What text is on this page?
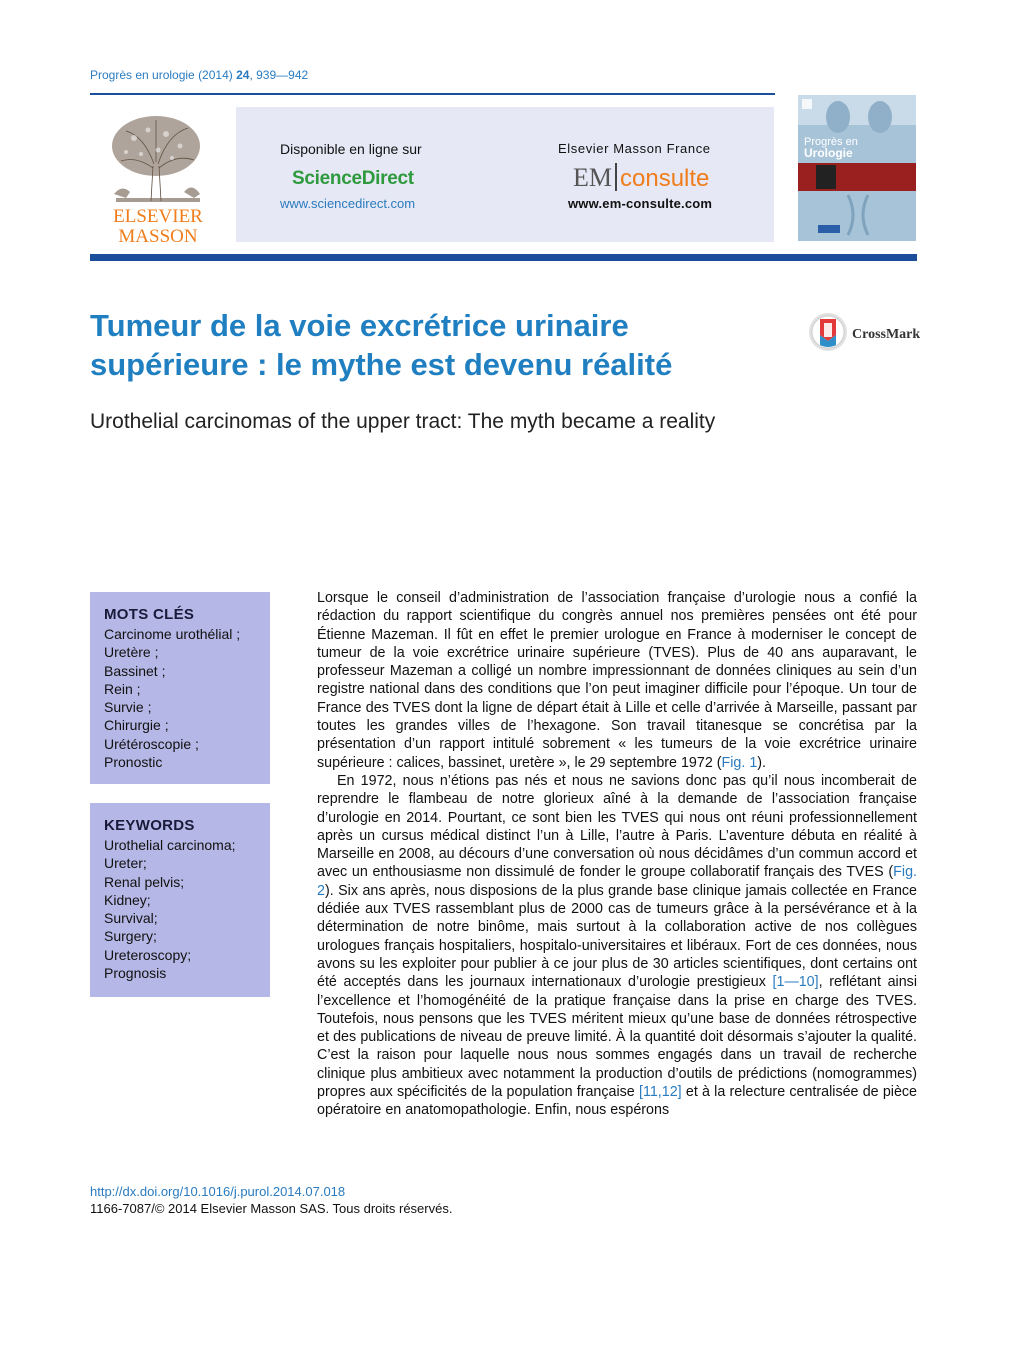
Progrès en urologie (2014) 24, 939—942
ELSEVIER
MASSON
Disponible en ligne sur
ScienceDirect
www.sciencedirect.com
Elsevier Masson France
EM consulte
www.em-consulte.com
Progrès en
Urologie
Tumeur de la voie excrétrice urinaire supérieure : le mythe est devenu réalité
CrossMark
Urothelial carcinomas of the upper tract: The myth became a reality
MOTS CLÉS
Carcinome urothélial ;
Uretère ;
Bassinet ;
Rein ;
Survie ;
Chirurgie ;
Urétéroscopie ;
Pronostic
KEYWORDS
Urothelial carcinoma;
Ureter;
Renal pelvis;
Kidney;
Survival;
Surgery;
Ureteroscopy;
Prognosis

Lorsque le conseil d’administration de l’association française d’urologie nous a confié la rédaction du rapport scientifique du congrès annuel nos premières pensées ont été pour Étienne Mazeman. Il fût en effet le premier urologue en France à moderniser le concept de tumeur de la voie excrétrice urinaire supérieure (TVES). Plus de 40 ans auparavant, le professeur Mazeman a colligé un nombre impressionnant de données cliniques au sein d’un registre national dans des conditions que l’on peut imaginer difficile pour l’époque. Un tour de France des TVES dont la ligne de départ était à Lille et celle d’arrivée à Marseille, passant par toutes les grandes villes de l’hexagone. Son travail titanesque se concrétisa par la présentation d’un rapport intitulé sobrement « les tumeurs de la voie excrétrice urinaire supérieure : calices, bassinet, uretère », le 29 septembre 1972 (Fig. 1).

En 1972, nous n’étions pas nés et nous ne savions donc pas qu’il nous incomberait de reprendre le flambeau de notre glorieux aîné à la demande de l’association française d’urologie en 2014. Pourtant, ce sont bien les TVES qui nous ont réuni professionnellement après un cursus médical distinct l’un à Lille, l’autre à Paris. L’aventure débuta en réalité à Marseille en 2008, au décours d’une conversation où nous décidâmes d’un commun accord et avec un enthousiasme non dissimulé de fonder le groupe collaboratif français des TVES (Fig. 2). Six ans après, nous disposions de la plus grande base clinique jamais collectée en France dédiée aux TVES rassemblant plus de 2000 cas de tumeurs grâce à la persévérance et à la détermination de notre binôme, mais surtout à la collaboration active de nos collègues urologues français hospitaliers, hospitalo-universitaires et libéraux. Fort de ces données, nous avons su les exploiter pour publier à ce jour plus de 30 articles scientifiques, dont certains ont été acceptés dans les journaux internationaux d’urologie prestigieux [1—10], reflétant ainsi l’excellence et l’homogénéité de la pratique française dans la prise en charge des TVES. Toutefois, nous pensons que les TVES méritent mieux qu’une base de données rétrospective et des publications de niveau de preuve limité. À la quantité doit désormais s’ajouter la qualité. C’est la raison pour laquelle nous nous sommes engagés dans un travail de recherche clinique plus ambitieux avec notamment la production d’outils de prédictions (nomogrammes) propres aux spécificités de la population française [11,12] et à la relecture centralisée de pièce opératoire en anatomopathologie. Enfin, nous espérons

http://dx.doi.org/10.1016/j.purol.2014.07.018
1166-7087/© 2014 Elsevier Masson SAS. Tous droits réservés.
